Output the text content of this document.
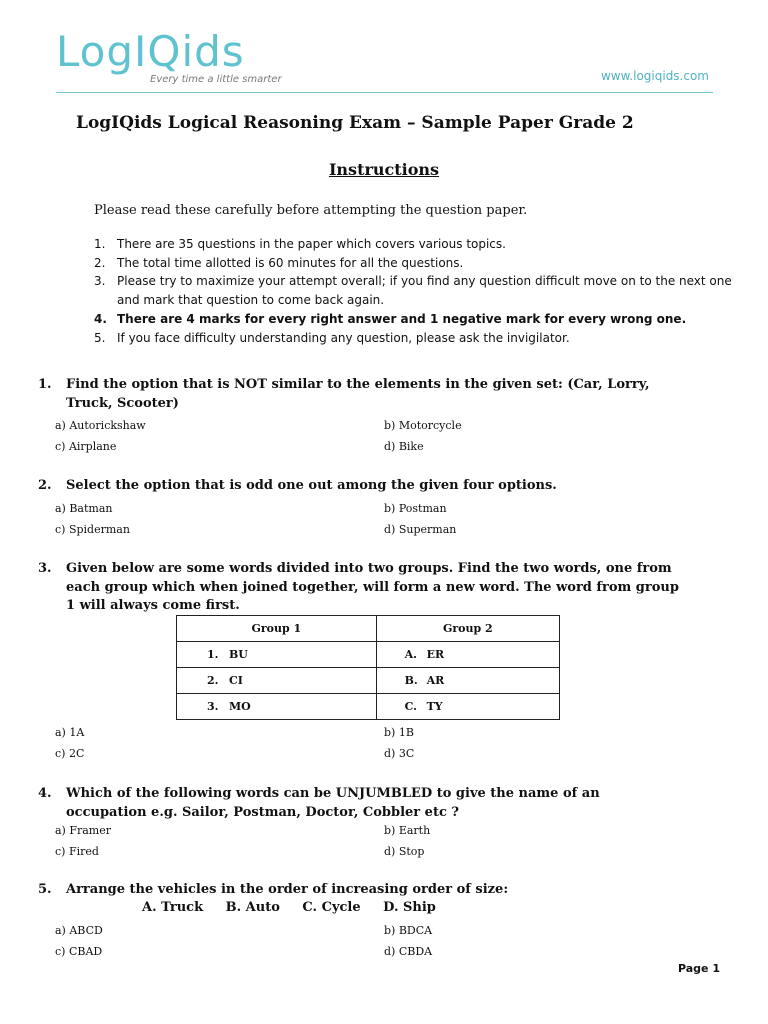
LogIQids
Every time a little smarter	www.logiqids.com
LogIQids Logical Reasoning Exam – Sample Paper Grade 2
Instructions
Please read these carefully before attempting the question paper.
1. There are 35 questions in the paper which covers various topics.
2. The total time allotted is 60 minutes for all the questions.
3. Please try to maximize your attempt overall; if you find any question difficult move on to the next one and mark that question to come back again.
4. There are 4 marks for every right answer and 1 negative mark for every wrong one.
5. If you face difficulty understanding any question, please ask the invigilator.
1. Find the option that is NOT similar to the elements in the given set: (Car, Lorry, Truck, Scooter)
a) Autorickshaw	b) Motorcycle
c) Airplane	d) Bike
2. Select the option that is odd one out among the given four options.
a) Batman	b) Postman
c) Spiderman	d) Superman
3. Given below are some words divided into two groups. Find the two words, one from each group which when joined together, will form a new word. The word from group 1 will always come first.
Group 1	Group 2
1. BU	A. ER
2. CI	B. AR
3. MO	C. TY
a) 1A	b) 1B
c) 2C	d) 3C
4. Which of the following words can be UNJUMBLED to give the name of an occupation e.g. Sailor, Postman, Doctor, Cobbler etc ?
a) Framer	b) Earth
c) Fired	d) Stop
5. Arrange the vehicles in the order of increasing order of size:
A. Truck B. Auto C. Cycle D. Ship
a) ABCD	b) BDCA
c) CBAD	d) CBDA
Page 1
